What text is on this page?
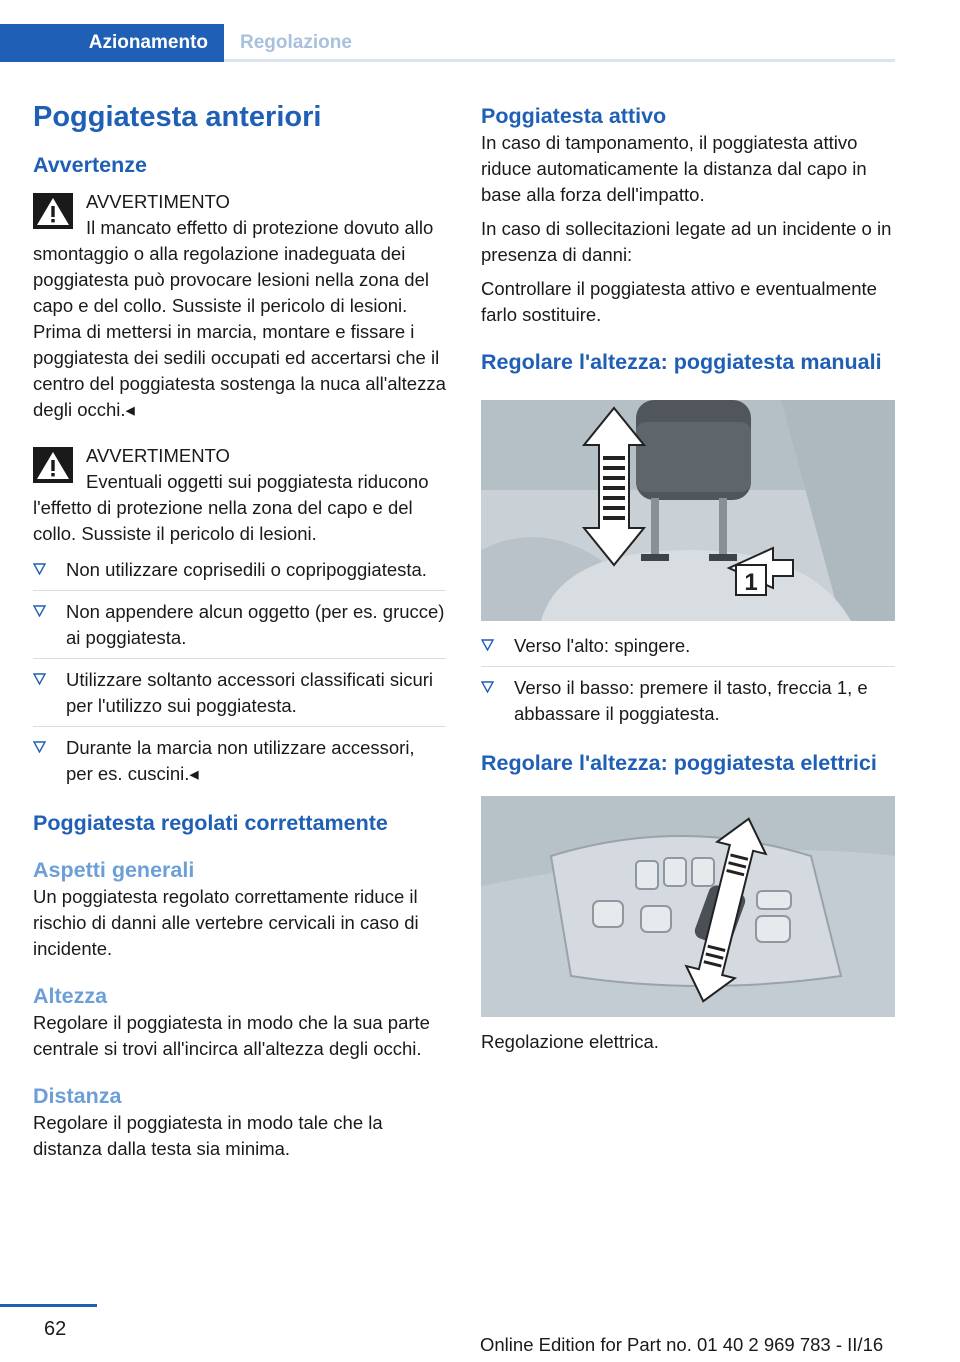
Azionamento	Regolazione
Poggiatesta anteriori
Avvertenze

AVVERTIMENTO

Il mancato effetto di protezione dovuto allo smontaggio o alla regolazione inadeguata dei poggiatesta può provocare lesioni nella zona del capo e del collo. Sussiste il pericolo di lesioni. Prima di mettersi in marcia, montare e fissare i poggiatesta dei sedili occupati ed accertarsi che il centro del poggiatesta sostenga la nuca all'altezza degli occhi.◂

AVVERTIMENTO

Eventuali oggetti sui poggiatesta riducono l'effetto di protezione nella zona del capo e del collo. Sussiste il pericolo di lesioni.

Non utilizzare coprisedili o copripoggiatesta.
Non appendere alcun oggetto (per es. grucce) ai poggiatesta.
Utilizzare soltanto accessori classificati sicuri per l'utilizzo sui poggiatesta.
Durante la marcia non utilizzare accessori, per es. cuscini.◂
Poggiatesta regolati correttamente
Aspetti generali

Un poggiatesta regolato correttamente riduce il rischio di danni alle vertebre cervicali in caso di incidente.

Altezza

Regolare il poggiatesta in modo che la sua parte centrale si trovi all'incirca all'altezza degli occhi.

Distanza

Regolare il poggiatesta in modo tale che la distanza dalla testa sia minima.

Poggiatesta attivo

In caso di tamponamento, il poggiatesta attivo riduce automaticamente la distanza dal capo in base alla forza dell'impatto.

In caso di sollecitazioni legate ad un incidente o in presenza di danni:

Controllare il poggiatesta attivo e eventualmente farlo sostituire.

Regolare l'altezza: poggiatesta manuali
1
Verso l'alto: spingere.
Verso il basso: premere il tasto, freccia 1, e abbassare il poggiatesta.
Regolare l'altezza: poggiatesta elettrici

Regolazione elettrica.

62
Online Edition for Part no. 01 40 2 969 783 - II/16
